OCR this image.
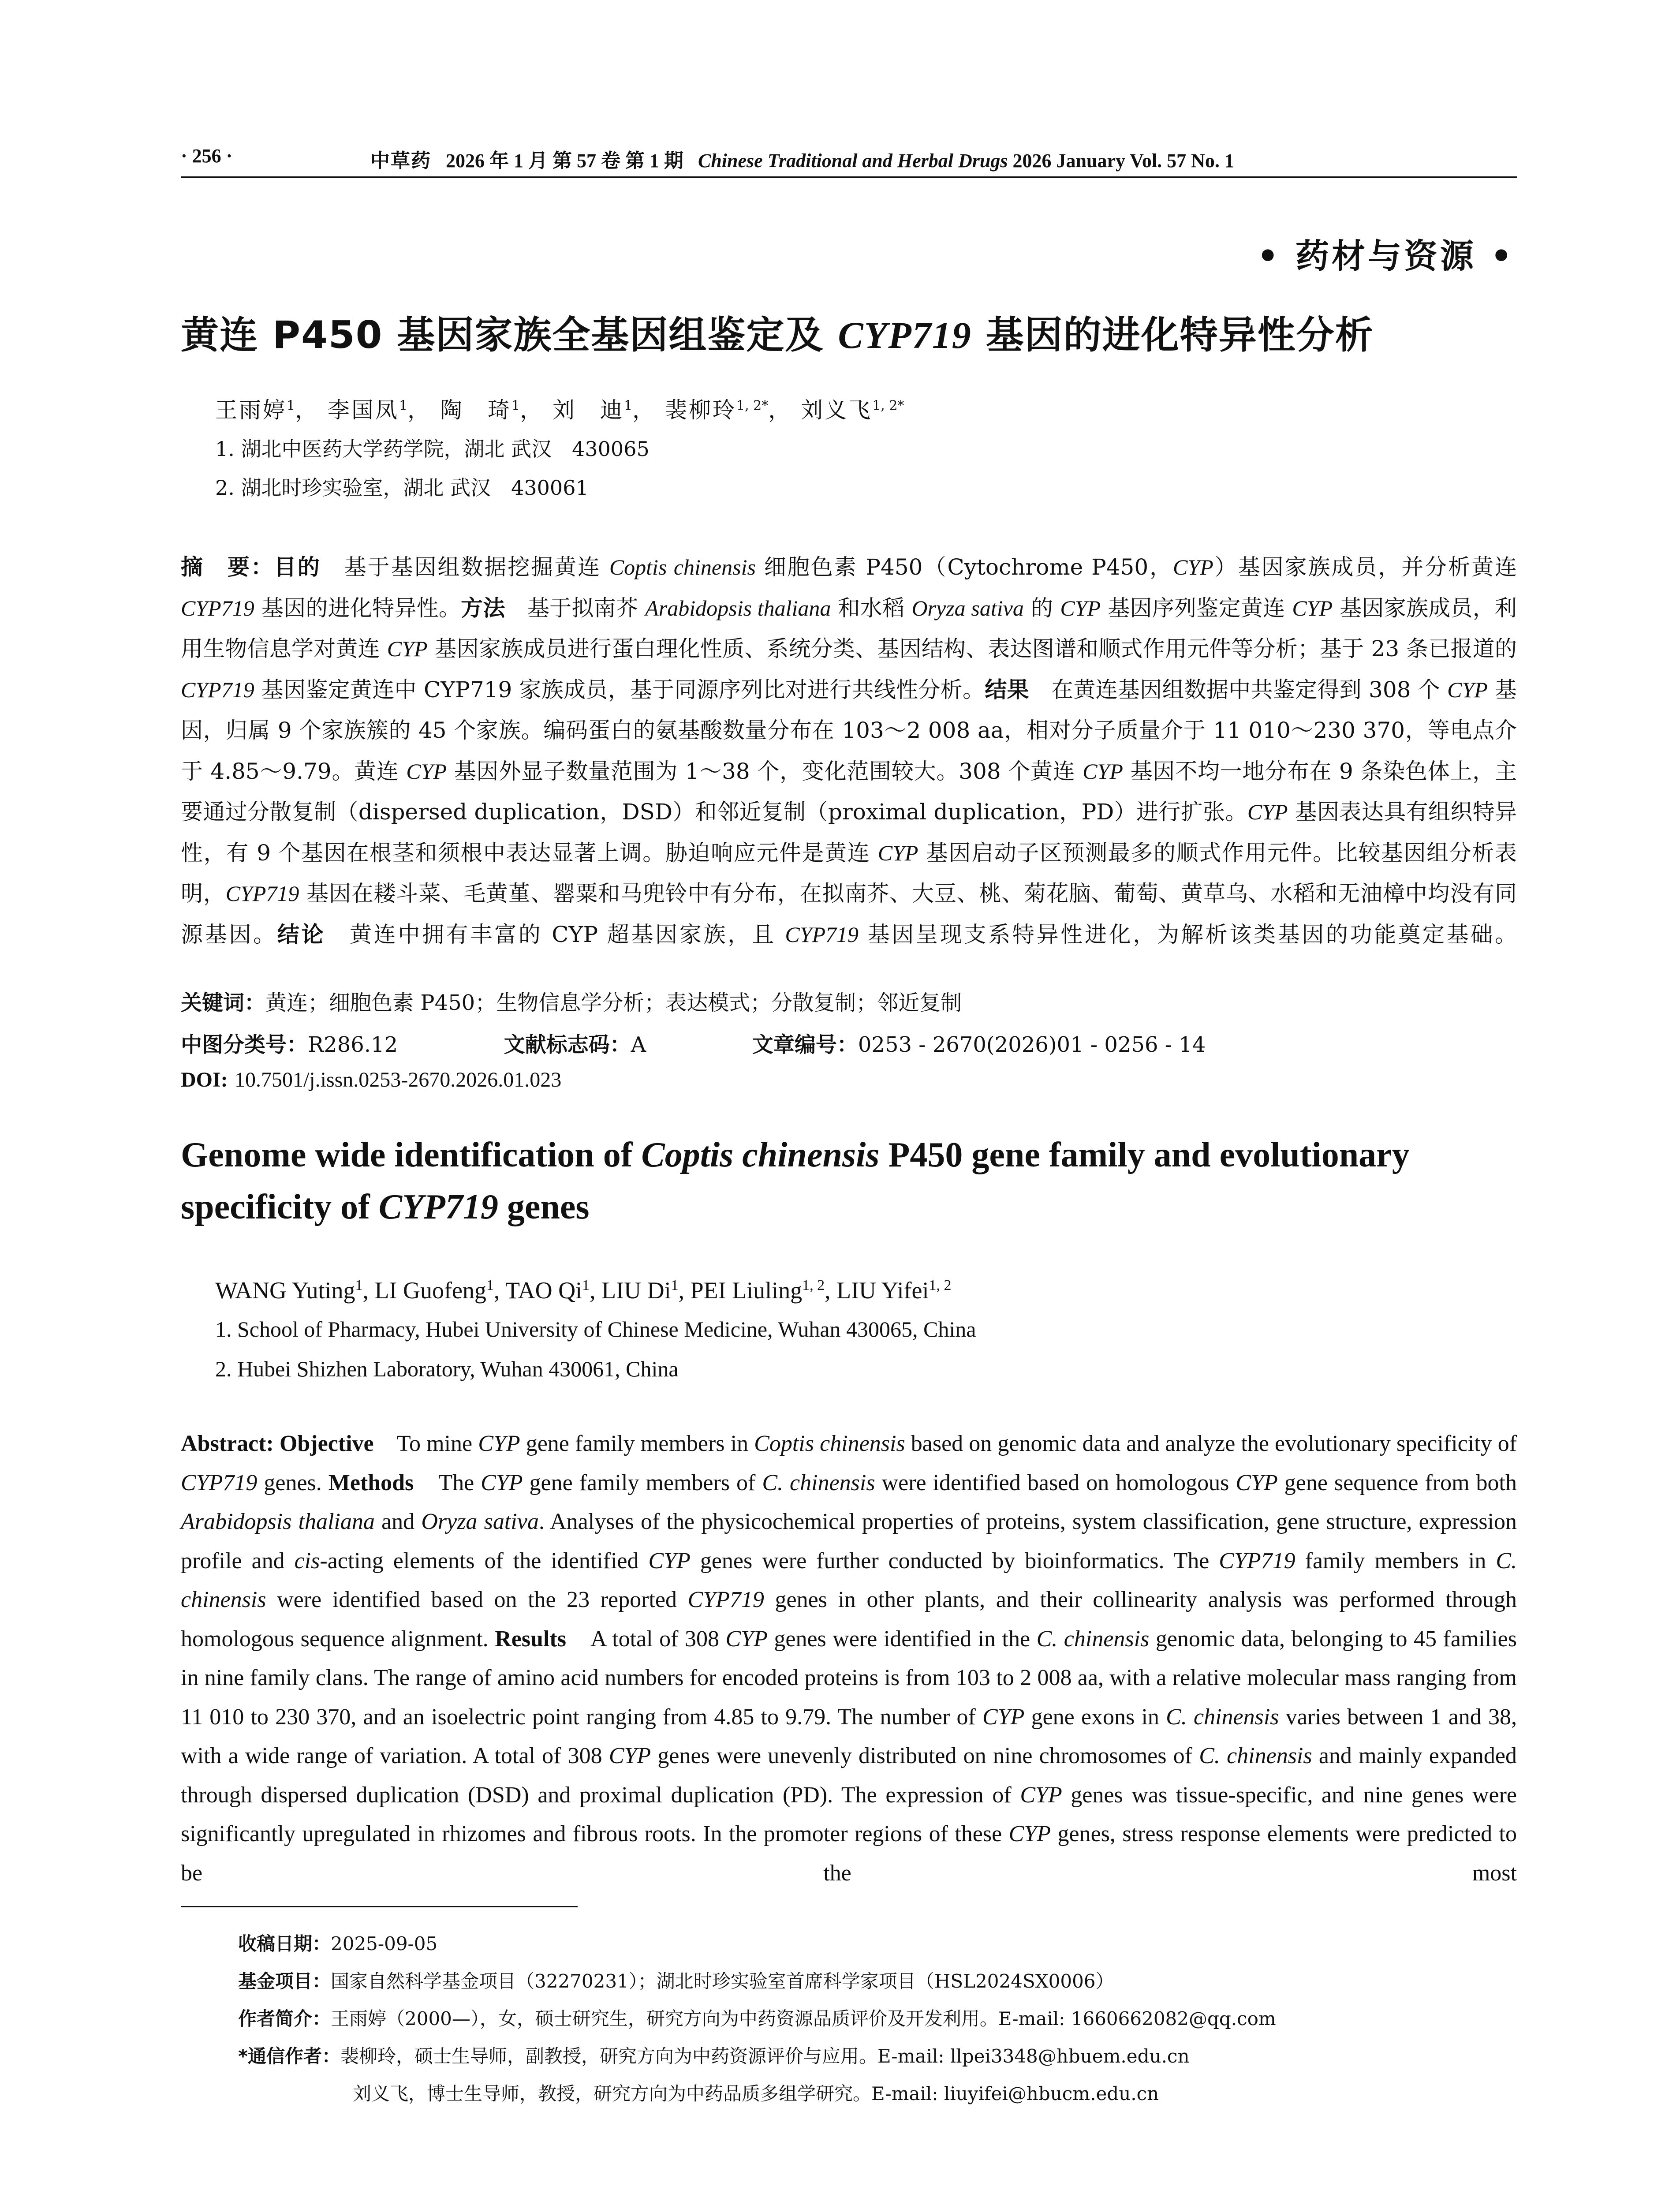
· 256 ·	中草药 2026 年 1 月 第 57 卷 第 1 期 Chinese Traditional and Herbal Drugs 2026 January Vol. 57 No. 1
• 药材与资源 •
黄连 P450 基因家族全基因组鉴定及 CYP719 基因的进化特异性分析
王雨婷$^1$， 李国凤$^1$， 陶　琦$^1$， 刘　迪$^1$， 裴柳玲$^{1, 2*}$， 刘义飞$^{1, 2*}$
1. 湖北中医药大学药学院，湖北 武汉　430065
2. 湖北时珍实验室，湖北 武汉　430061
摘　要：目的　基于基因组数据挖掘黄连 Coptis chinensis 细胞色素 P450（Cytochrome P450，CYP）基因家族成员，并分析黄连 CYP719 基因的进化特异性。方法　基于拟南芥 Arabidopsis thaliana 和水稻 Oryza sativa 的 CYP 基因序列鉴定黄连 CYP 基因家族成员，利用生物信息学对黄连 CYP 基因家族成员进行蛋白理化性质、系统分类、基因结构、表达图谱和顺式作用元件等分析；基于 23 条已报道的 CYP719 基因鉴定黄连中 CYP719 家族成员，基于同源序列比对进行共线性分析。结果　在黄连基因组数据中共鉴定得到 308 个 CYP 基因，归属 9 个家族簇的 45 个家族。编码蛋白的氨基酸数量分布在 103～2 008 aa，相对分子质量介于 11 010～230 370，等电点介于 4.85～9.79。黄连 CYP 基因外显子数量范围为 1～38 个，变化范围较大。308 个黄连 CYP 基因不均一地分布在 9 条染色体上，主要通过分散复制（dispersed duplication，DSD）和邻近复制（proximal duplication，PD）进行扩张。CYP 基因表达具有组织特异性，有 9 个基因在根茎和须根中表达显著上调。胁迫响应元件是黄连 CYP 基因启动子区预测最多的顺式作用元件。比较基因组分析表明，CYP719 基因在耧斗菜、毛黄堇、罂粟和马兜铃中有分布，在拟南芥、大豆、桃、菊花脑、葡萄、黄草乌、水稻和无油樟中均没有同源基因。结论　黄连中拥有丰富的 CYP 超基因家族，且 CYP719 基因呈现支系特异性进化，为解析该类基因的功能奠定基础。
关键词：黄连；细胞色素 P450；生物信息学分析；表达模式；分散复制；邻近复制
中图分类号：R286.12	文献标志码：A	文章编号：0253 - 2670(2026)01 - 0256 - 14
DOI: 10.7501/j.issn.0253-2670.2026.01.023
Genome wide identification of Coptis chinensis P450 gene family and evolutionary specificity of CYP719 genes
WANG Yuting$^1$, LI Guofeng$^1$, TAO Qi$^1$, LIU Di$^1$, PEI Liuling$^{1, 2}$, LIU Yifei$^{1, 2}$
1. School of Pharmacy, Hubei University of Chinese Medicine, Wuhan 430065, China
2. Hubei Shizhen Laboratory, Wuhan 430061, China
Abstract: Objective　To mine CYP gene family members in Coptis chinensis based on genomic data and analyze the evolutionary specificity of CYP719 genes. Methods　The CYP gene family members of C. chinensis were identified based on homologous CYP gene sequence from both Arabidopsis thaliana and Oryza sativa. Analyses of the physicochemical properties of proteins, system classification, gene structure, expression profile and cis-acting elements of the identified CYP genes were further conducted by bioinformatics. The CYP719 family members in C. chinensis were identified based on the 23 reported CYP719 genes in other plants, and their collinearity analysis was performed through homologous sequence alignment. Results　A total of 308 CYP genes were identified in the C. chinensis genomic data, belonging to 45 families in nine family clans. The range of amino acid numbers for encoded proteins is from 103 to 2 008 aa, with a relative molecular mass ranging from 11 010 to 230 370, and an isoelectric point ranging from 4.85 to 9.79. The number of CYP gene exons in C. chinensis varies between 1 and 38, with a wide range of variation. A total of 308 CYP genes were unevenly distributed on nine chromosomes of C. chinensis and mainly expanded through dispersed duplication (DSD) and proximal duplication (PD). The expression of CYP genes was tissue-specific, and nine genes were significantly upregulated in rhizomes and fibrous roots. In the promoter regions of these CYP genes, stress response elements were predicted to be the most
收稿日期：2025-09-05
基金项目：国家自然科学基金项目（32270231）；湖北时珍实验室首席科学家项目（HSL2024SX0006）
作者简介：王雨婷（2000—），女，硕士研究生，研究方向为中药资源品质评价及开发利用。E-mail: 1660662082@qq.com
*通信作者：裴柳玲，硕士生导师，副教授，研究方向为中药资源评价与应用。E-mail: llpei3348@hbuem.edu.cn
刘义飞，博士生导师，教授，研究方向为中药品质多组学研究。E-mail: liuyifei@hbucm.edu.cn
